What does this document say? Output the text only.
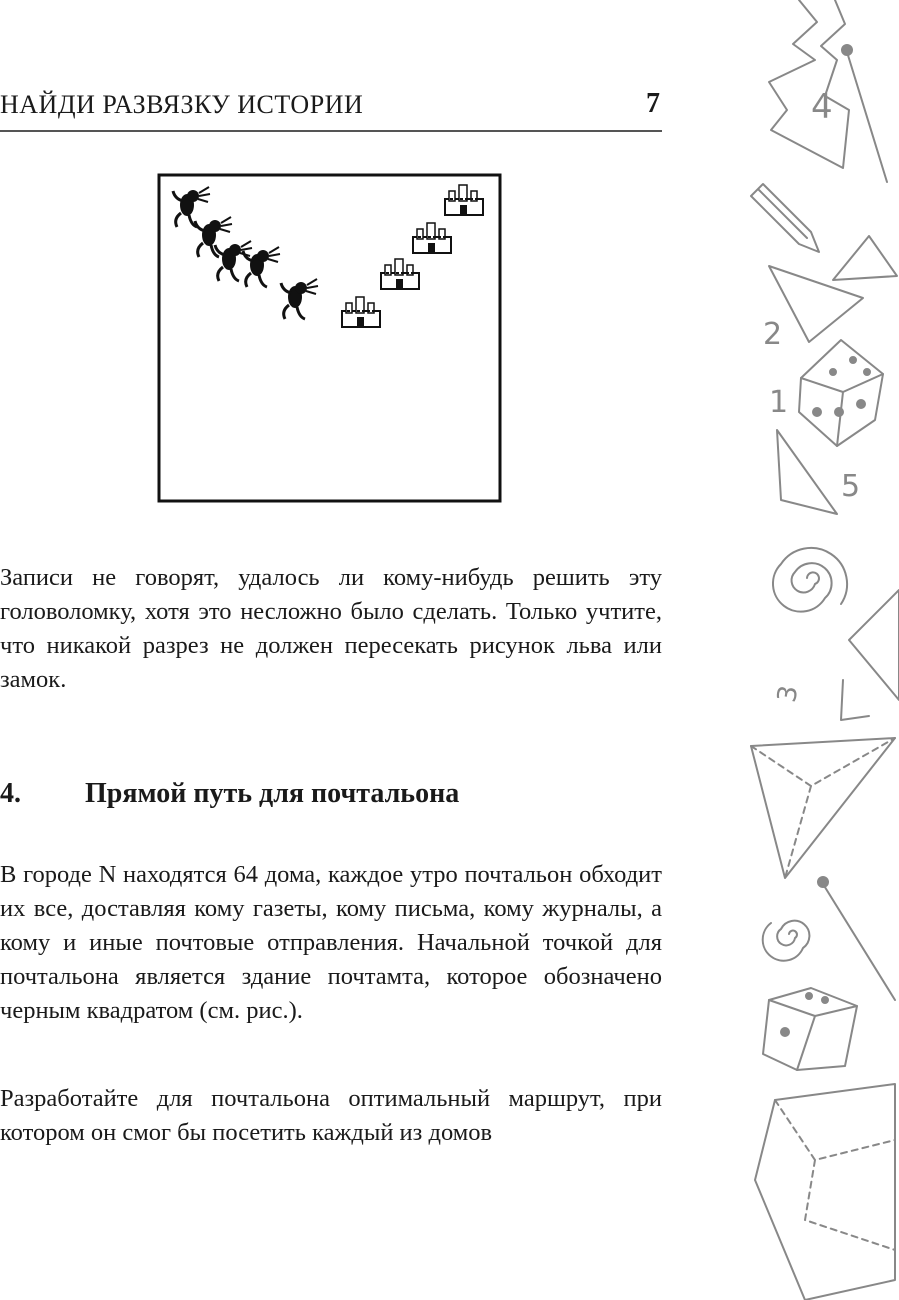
НАЙДИ РАЗВЯЗКУ ИСТОРИИ	7
Записи не говорят, удалось ли кому-нибудь решить эту головоломку, хотя это несложно было сделать. Только учтите, что никакой разрез не должен пересекать рисунок льва или замок.
4. Прямой путь для почтальона
В городе N находятся 64 дома, каждое утро почтальон обходит их все, доставляя кому газеты, кому письма, кому журналы, а кому и иные почтовые отправления. Начальной точкой для почтальона является здание почтамта, которое обозначено черным квадратом (см. рис.).
Разработайте для почтальона оптимальный маршрут, при котором он смог бы посетить каждый из домов
4
2
1
5
3
